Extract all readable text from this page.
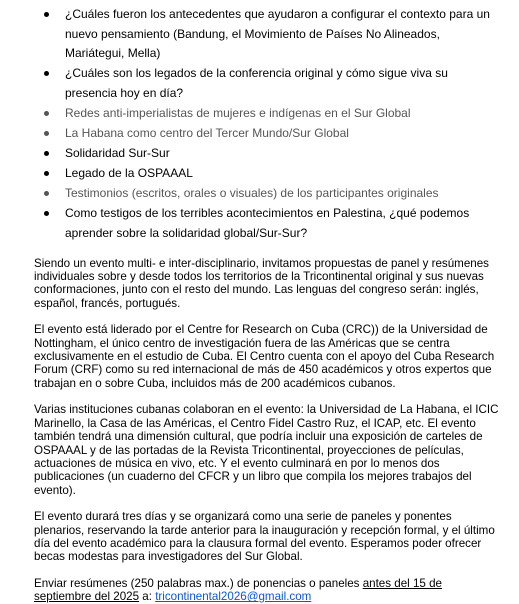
¿Cuáles fueron los antecedentes que ayudaron a configurar el contexto para un nuevo pensamiento (Bandung, el Movimiento de Países No Alineados, Mariátegui, Mella)
¿Cuáles son los legados de la conferencia original y cómo sigue viva su presencia hoy en día?
Redes anti-imperialistas de mujeres e indígenas en el Sur Global
La Habana como centro del Tercer Mundo/Sur Global
Solidaridad Sur-Sur
Legado de la OSPAAAL
Testimonios (escritos, orales o visuales) de los participantes originales
Como testigos de los terribles acontecimientos en Palestina, ¿qué podemos aprender sobre la solidaridad global/Sur-Sur?

Siendo un evento multi- e inter-disciplinario, invitamos propuestas de panel y resúmenes individuales sobre y desde todos los territorios de la Tricontinental original y sus nuevas conformaciones, junto con el resto del mundo. Las lenguas del congreso serán: inglés, español, francés, portugués.

El evento está liderado por el Centre for Research on Cuba (CRC)) de la Universidad de Nottingham, el único centro de investigación fuera de las Américas que se centra exclusivamente en el estudio de Cuba. El Centro cuenta con el apoyo del Cuba Research Forum (CRF) como su red internacional de más de 450 académicos y otros expertos que trabajan en o sobre Cuba, incluidos más de 200 académicos cubanos.

Varias instituciones cubanas colaboran en el evento: la Universidad de La Habana, el ICIC Marinello, la Casa de las Américas, el Centro Fidel Castro Ruz, el ICAP, etc. El evento también tendrá una dimensión cultural, que podría incluir una exposición de carteles de OSPAAAL y de las portadas de la Revista Tricontinental, proyecciones de películas, actuaciones de música en vivo, etc. Y el evento culminará en por lo menos dos publicaciones (un cuaderno del CFCR y un libro que compila los mejores trabajos del evento).

El evento durará tres días y se organizará como una serie de paneles y ponentes plenarios, reservando la tarde anterior para la inauguración y recepción formal, y el último día del evento académico para la clausura formal del evento. Esperamos poder ofrecer becas modestas para investigadores del Sur Global.

Enviar resúmenes (250 palabras max.) de ponencias o paneles antes del 15 de septiembre del 2025 a: tricontinental2026@gmail.com
